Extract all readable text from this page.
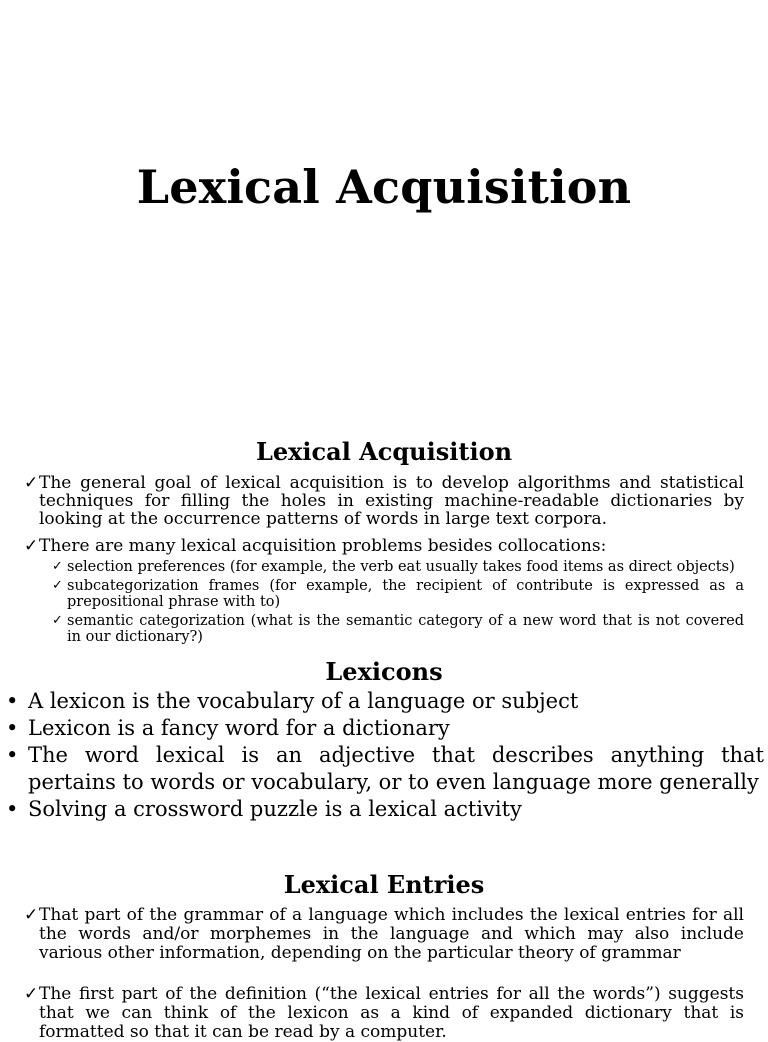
Lexical Acquisition
Lexical Acquisition
✓ The general goal of lexical acquisition is to develop algorithms and statistical techniques for filling the holes in existing machine-readable dictionaries by looking at the occurrence patterns of words in large text corpora.
✓ There are many lexical acquisition problems besides collocations:
✓ selection preferences (for example, the verb eat usually takes food items as direct objects)
✓ subcategorization frames (for example, the recipient of contribute is expressed as a prepositional phrase with to)
✓ semantic categorization (what is the semantic category of a new word that is not covered in our dictionary?)
Lexicons
• A lexicon is the vocabulary of a language or subject
• Lexicon is a fancy word for a dictionary
• The word lexical is an adjective that describes anything that pertains to words or vocabulary, or to even language more generally
• Solving a crossword puzzle is a lexical activity
Lexical Entries
✓ That part of the grammar of a language which includes the lexical entries for all the words and/or morphemes in the language and which may also include various other information, depending on the particular theory of grammar
✓ The first part of the definition (“the lexical entries for all the words”) suggests that we can think of the lexicon as a kind of expanded dictionary that is formatted so that it can be read by a computer.
